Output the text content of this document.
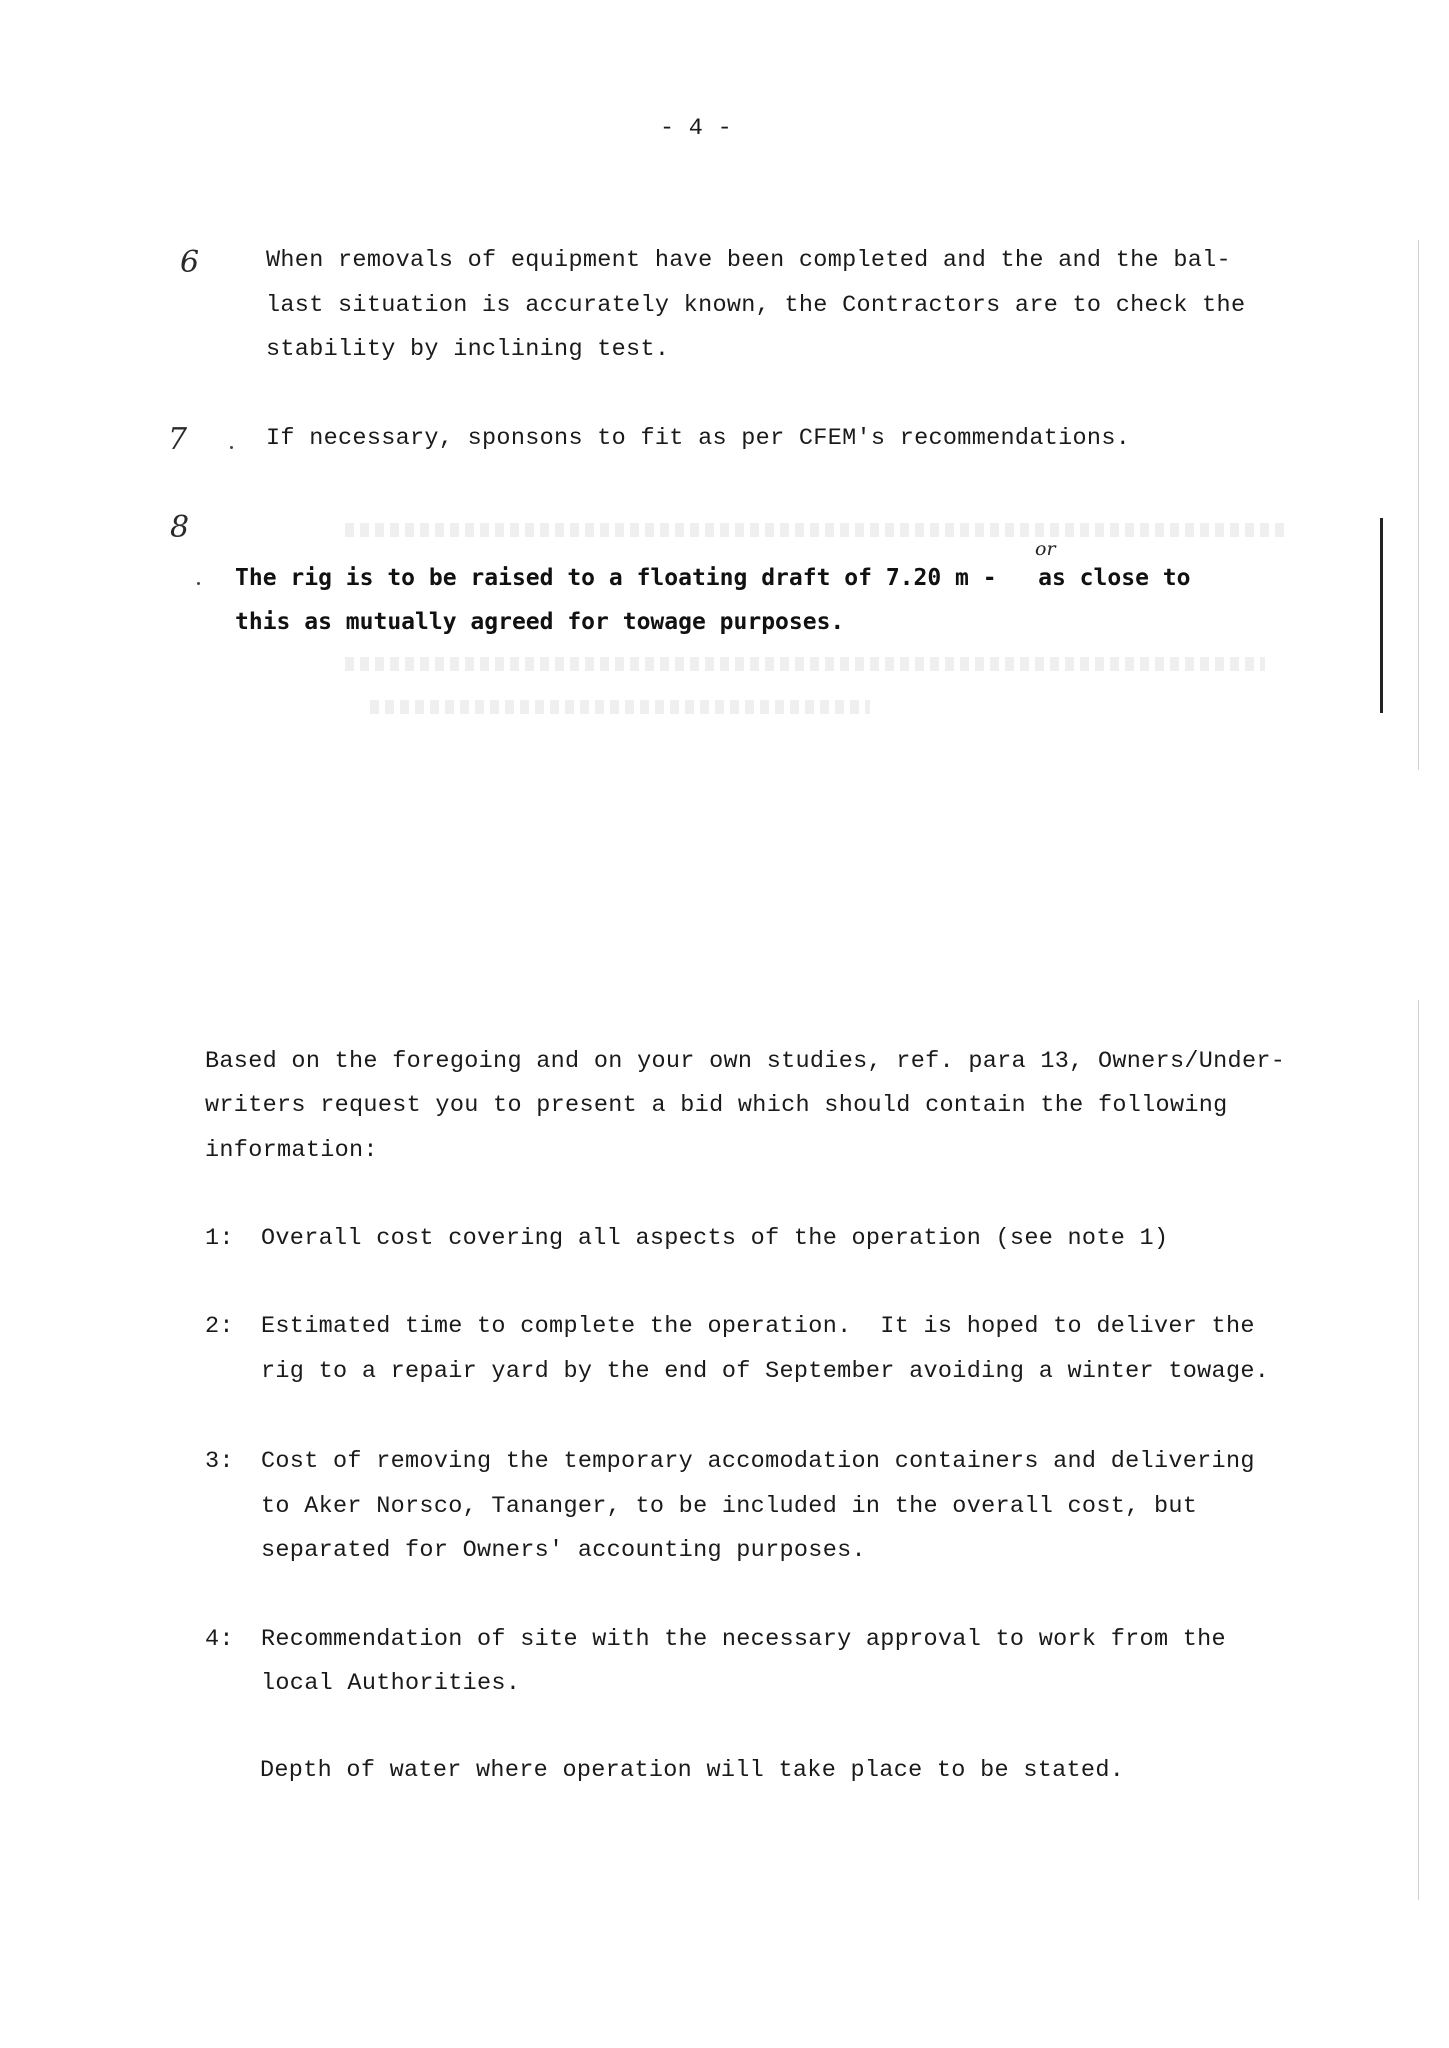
- 4 -
6	When removals of equipment have been completed and the and the bal-
last situation is accurately known, the Contractors are to check the
stability by inclining test.
7	If necessary, sponsons to fit as per CFEM's recommendations.
8
The rig is to be raised to a floating draft of 7.20 m -   as close to
or
this as mutually agreed for towage purposes.
Based on the foregoing and on your own studies, ref. para 13, Owners/Under-
writers request you to present a bid which should contain the following
information:
1: Overall cost covering all aspects of the operation (see note 1)
2: Estimated time to complete the operation.  It is hoped to deliver the
rig to a repair yard by the end of September avoiding a winter towage.
3: Cost of removing the temporary accomodation containers and delivering
to Aker Norsco, Tananger, to be included in the overall cost, but
separated for Owners' accounting purposes.
4: Recommendation of site with the necessary approval to work from the
local Authorities.
Depth of water where operation will take place to be stated.
